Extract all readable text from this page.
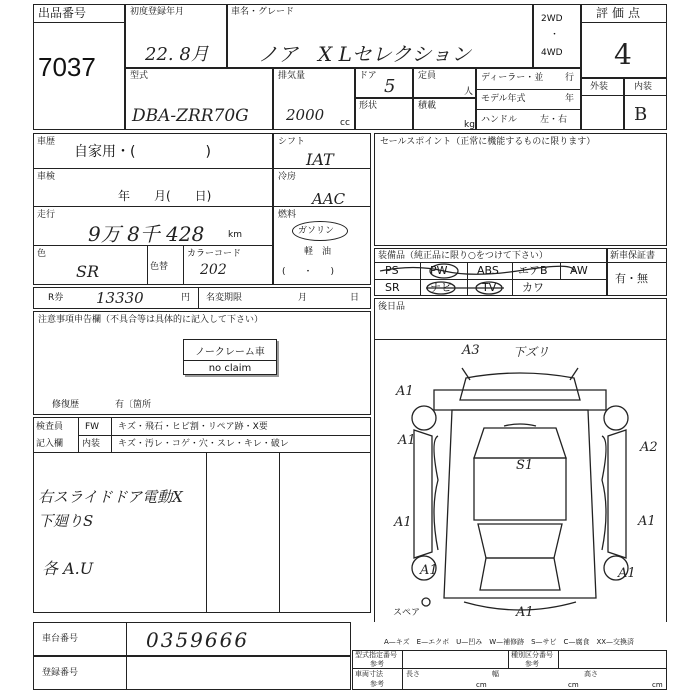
出品番号
7037
初度登録年月
22. 8月
車名・グレード
ノア　X Lセレクション
2WD
・
4WD
評価点
4
型式
DBA-ZRR70G
排気量
2000 cc
ドア 5	定員
人
形状	積載
kg
ディーラー・並 行
モデル年式	年
ハンドル	左・右
外装	内装
B
車歴
自家用・(　　　　　)
車検
年　　月(　　日)
走行
9万 8千 428	km
色
SR	色替
カラーコード
202
シフト
IAT
冷房
AAC
燃料
ガソリン
軽　油
(　　・　　)
セールスポイント（正常に機能するものに限ります）
装備品（純正品に限り○をつけて下さい）
PS	PW	ABS エアB AW
SR	ナビ	TV カワ
新車保証書
有・無
R券 13330	円 名変期限	月	日
後日品
注意事項申告欄（不具合等は具体的に記入して下さい）
ノークレーム車
no claim
修復歴	有〔箇所
検査員
記入欄
FW キズ・飛石・ヒビ割・リペア跡・X要
内装 キズ・汚レ・コゲ・穴・スレ・キレ・破レ
右スライドドア電動X
下廻りS
各 A.U
A3	下ズリ
A1
A1	A2
S1
A1	A1
A1	A1
A1
スペア
A—キズ　E—エクボ　U—凹み　W—補修跡　S—サビ　C—腐食　XX—交換済
車台番号	0359666
登録番号
型式指定番号
参考
種別区分番号
参考
車両寸法
参考
長さ
cm
幅
cm
高さ
cm
